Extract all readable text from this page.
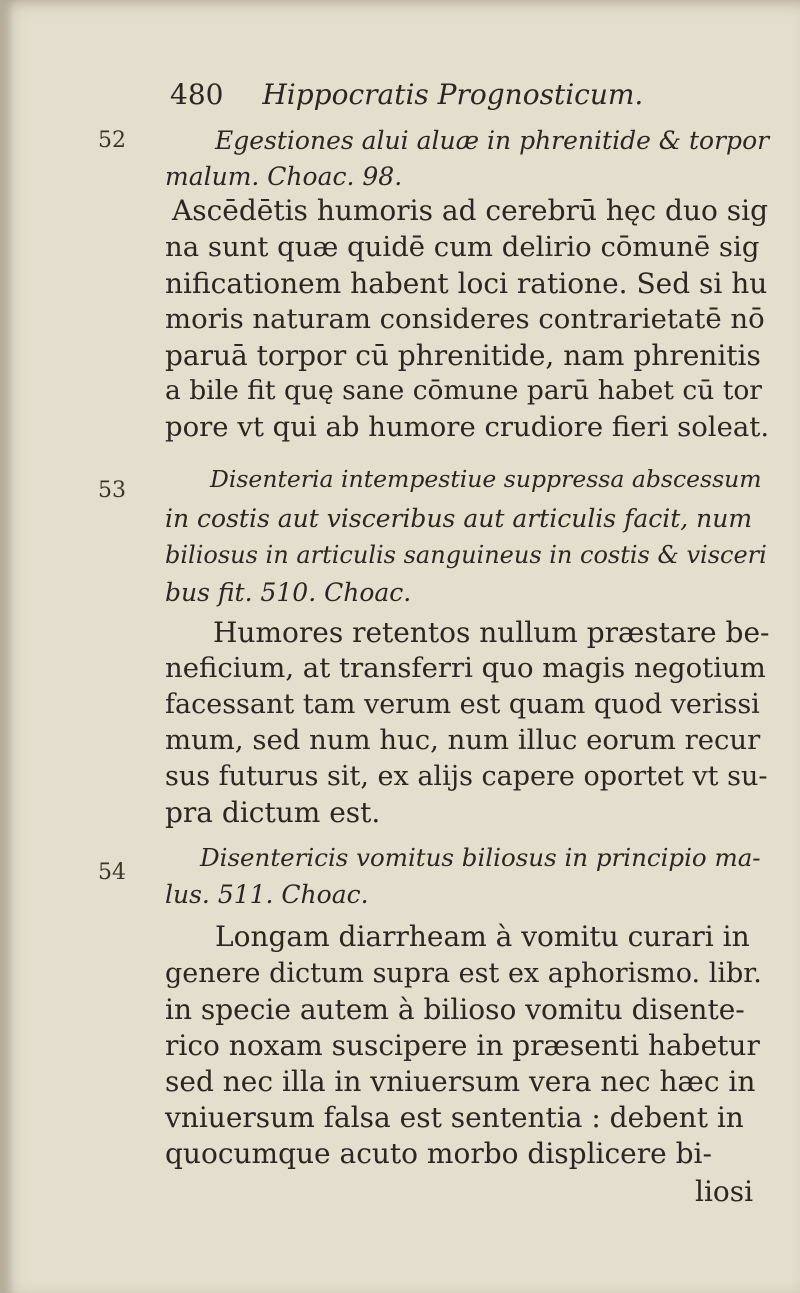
480 Hippocratis Prognosticum.
52
53
54
Egestiones alui aluæ in phrenitide & torpor
malum. Choac. 98.
Ascēdētis humoris ad cerebrū hęc duo sig
na sunt quæ quidē cum delirio cōmunē sig
nificationem habent loci ratione. Sed si hu
moris naturam consideres contrarietatē nō
paruā torpor cū phrenitide, nam phrenitis
a bile fit quę sane cōmune parū habet cū tor
pore vt qui ab humore crudiore fieri soleat.
Disenteria intempestiue suppressa abscessum
in costis aut visceribus aut articulis facit, num
biliosus in articulis sanguineus in costis & visceri
bus fit. 510. Choac.
Humores retentos nullum præstare be-
neficium, at transferri quo magis negotium
facessant tam verum est quam quod verissi
mum, sed num huc, num illuc eorum recur
sus futurus sit, ex alijs capere oportet vt su-
pra dictum est.
Disentericis vomitus biliosus in principio ma-
lus. 511. Choac.
Longam diarrheam à vomitu curari in
genere dictum supra est ex aphorismo. libr.
in specie autem à bilioso vomitu disente-
rico noxam suscipere in præsenti habetur
sed nec illa in vniuersum vera nec hæc in
vniuersum falsa est sententia : debent in
quocumque acuto morbo displicere bi-
liosi
